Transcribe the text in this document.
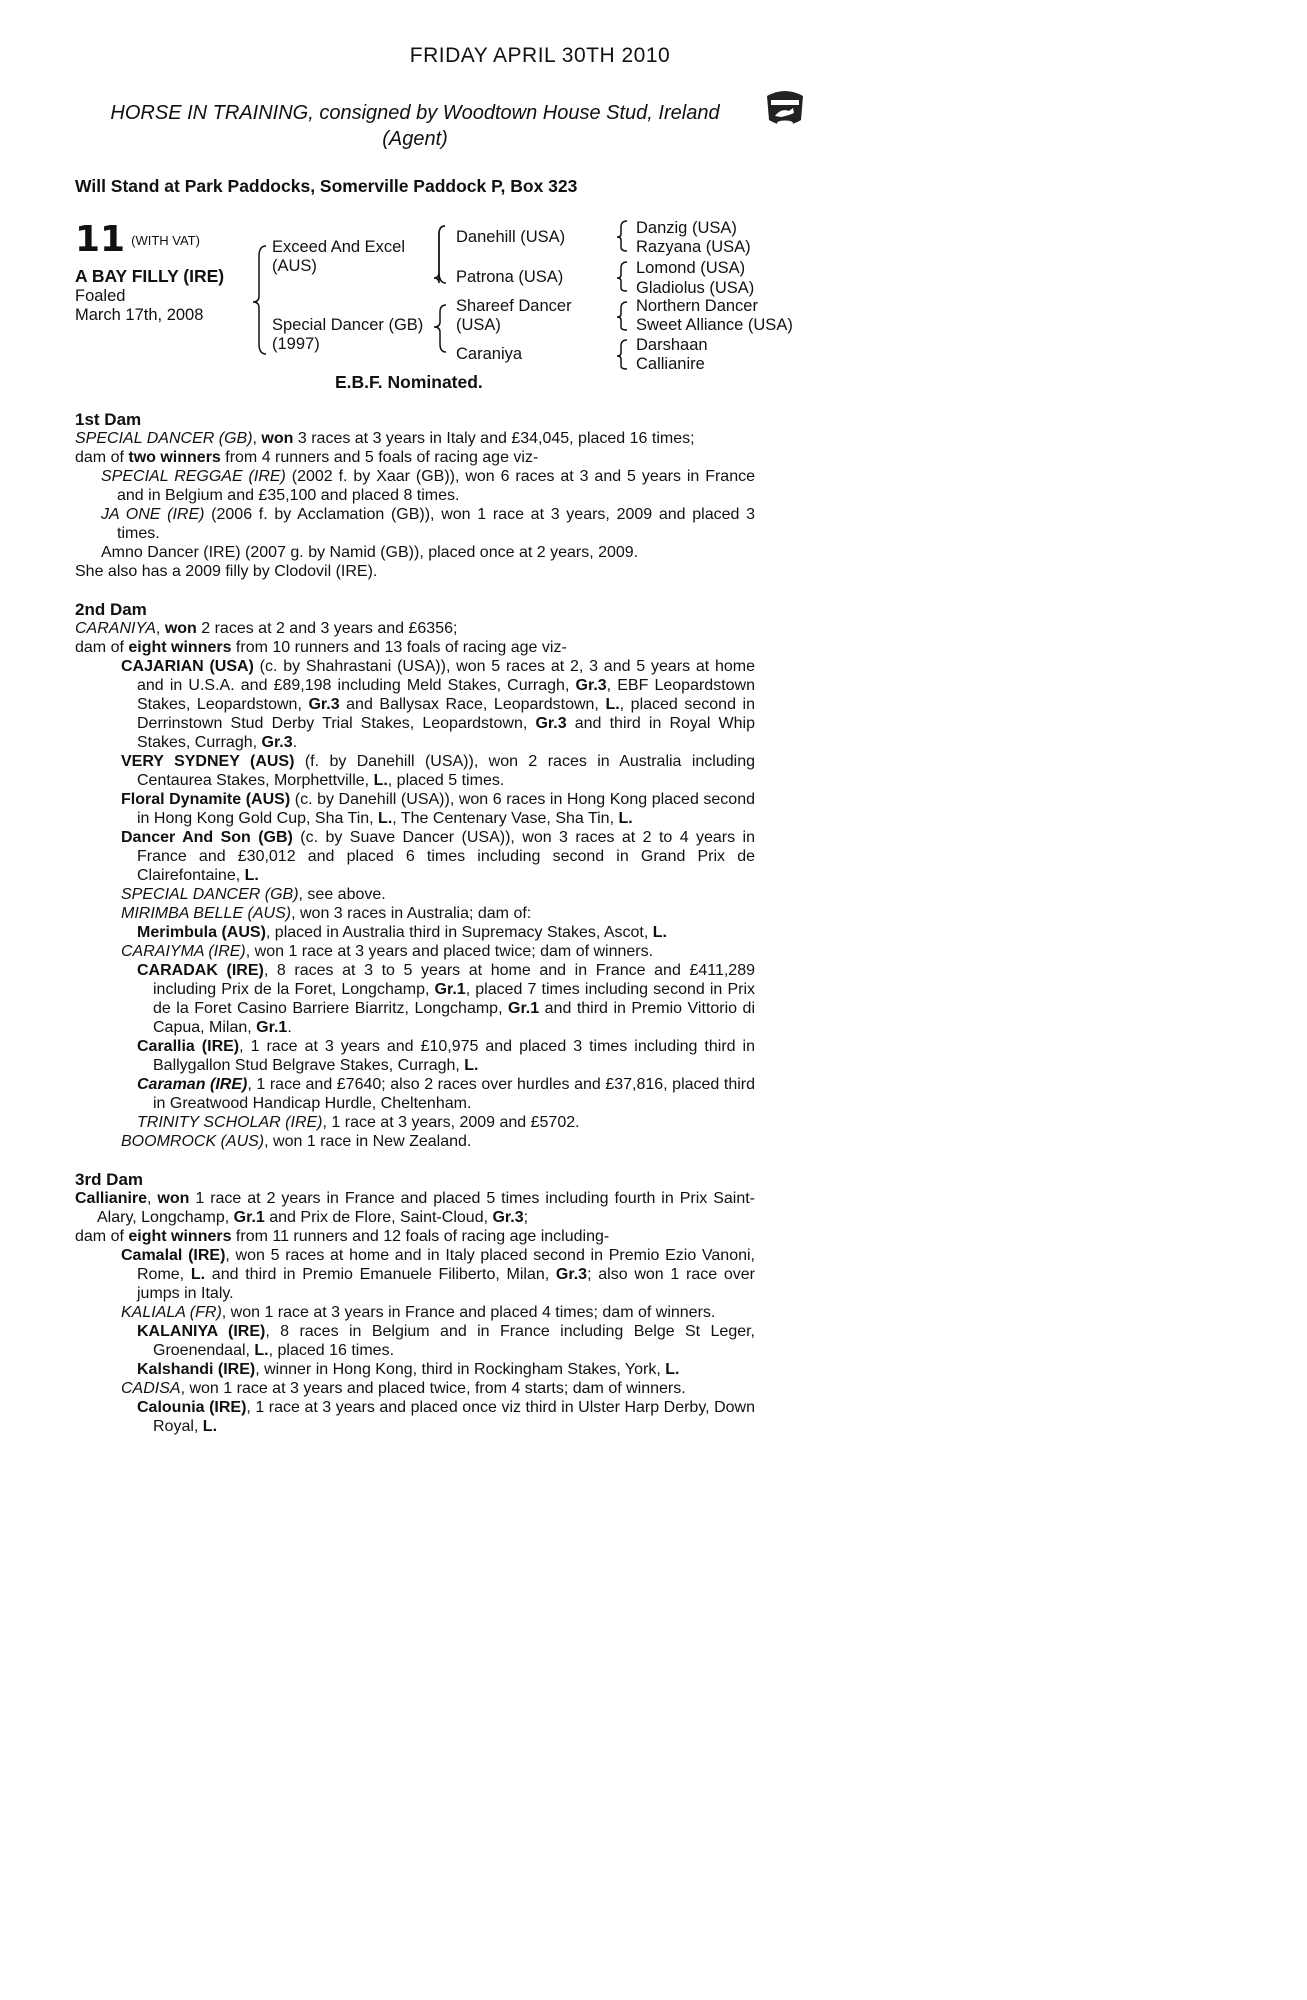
FRIDAY APRIL 30TH 2010
HORSE IN TRAINING, consigned by Woodtown House Stud, Ireland
(Agent)
Will Stand at Park Paddocks, Somerville Paddock P, Box 323
11 $^{(WITH VAT)}$
A BAY FILLY (IRE)
Foaled
March 17th, 2008
Exceed And Excel
(AUS)
Special Dancer (GB)
(1997)
Danehill (USA)
Patrona (USA)
Shareef Dancer
(USA)
Caraniya
Danzig (USA)
Razyana (USA)
Lomond (USA)
Gladiolus (USA)
Northern Dancer
Sweet Alliance (USA)
Darshaan
Callianire
E.B.F. Nominated.

1st Dam

SPECIAL DANCER (GB), won 3 races at 3 years in Italy and £34,045, placed 16 times;

dam of two winners from 4 runners and 5 foals of racing age viz-

SPECIAL REGGAE (IRE) (2002 f. by Xaar (GB)), won 6 races at 3 and 5 years in France and in Belgium and £35,100 and placed 8 times.

JA ONE (IRE) (2006 f. by Acclamation (GB)), won 1 race at 3 years, 2009 and placed 3 times.

Amno Dancer (IRE) (2007 g. by Namid (GB)), placed once at 2 years, 2009.

She also has a 2009 filly by Clodovil (IRE).

2nd Dam

CARANIYA, won 2 races at 2 and 3 years and £6356;

dam of eight winners from 10 runners and 13 foals of racing age viz-

CAJARIAN (USA) (c. by Shahrastani (USA)), won 5 races at 2, 3 and 5 years at home and in U.S.A. and £89,198 including Meld Stakes, Curragh, Gr.3, EBF Leopardstown Stakes, Leopardstown, Gr.3 and Ballysax Race, Leopardstown, L., placed second in Derrinstown Stud Derby Trial Stakes, Leopardstown, Gr.3 and third in Royal Whip Stakes, Curragh, Gr.3.

VERY SYDNEY (AUS) (f. by Danehill (USA)), won 2 races in Australia including Centaurea Stakes, Morphettville, L., placed 5 times.

Floral Dynamite (AUS) (c. by Danehill (USA)), won 6 races in Hong Kong placed second in Hong Kong Gold Cup, Sha Tin, L., The Centenary Vase, Sha Tin, L.

Dancer And Son (GB) (c. by Suave Dancer (USA)), won 3 races at 2 to 4 years in France and £30,012 and placed 6 times including second in Grand Prix de Clairefontaine, L.

SPECIAL DANCER (GB), see above.

MIRIMBA BELLE (AUS), won 3 races in Australia; dam of:

Merimbula (AUS), placed in Australia third in Supremacy Stakes, Ascot, L.

CARAIYMA (IRE), won 1 race at 3 years and placed twice; dam of winners.

CARADAK (IRE), 8 races at 3 to 5 years at home and in France and £411,289 including Prix de la Foret, Longchamp, Gr.1, placed 7 times including second in Prix de la Foret Casino Barriere Biarritz, Longchamp, Gr.1 and third in Premio Vittorio di Capua, Milan, Gr.1.

Carallia (IRE), 1 race at 3 years and £10,975 and placed 3 times including third in Ballygallon Stud Belgrave Stakes, Curragh, L.

Caraman (IRE), 1 race and £7640; also 2 races over hurdles and £37,816, placed third in Greatwood Handicap Hurdle, Cheltenham.

TRINITY SCHOLAR (IRE), 1 race at 3 years, 2009 and £5702.

BOOMROCK (AUS), won 1 race in New Zealand.

3rd Dam

Callianire, won 1 race at 2 years in France and placed 5 times including fourth in Prix Saint-Alary, Longchamp, Gr.1 and Prix de Flore, Saint-Cloud, Gr.3;

dam of eight winners from 11 runners and 12 foals of racing age including-

Camalal (IRE), won 5 races at home and in Italy placed second in Premio Ezio Vanoni, Rome, L. and third in Premio Emanuele Filiberto, Milan, Gr.3; also won 1 race over jumps in Italy.

KALIALA (FR), won 1 race at 3 years in France and placed 4 times; dam of winners.

KALANIYA (IRE), 8 races in Belgium and in France including Belge St Leger, Groenendaal, L., placed 16 times.

Kalshandi (IRE), winner in Hong Kong, third in Rockingham Stakes, York, L.

CADISA, won 1 race at 3 years and placed twice, from 4 starts; dam of winners.

Calounia (IRE), 1 race at 3 years and placed once viz third in Ulster Harp Derby, Down Royal, L.
